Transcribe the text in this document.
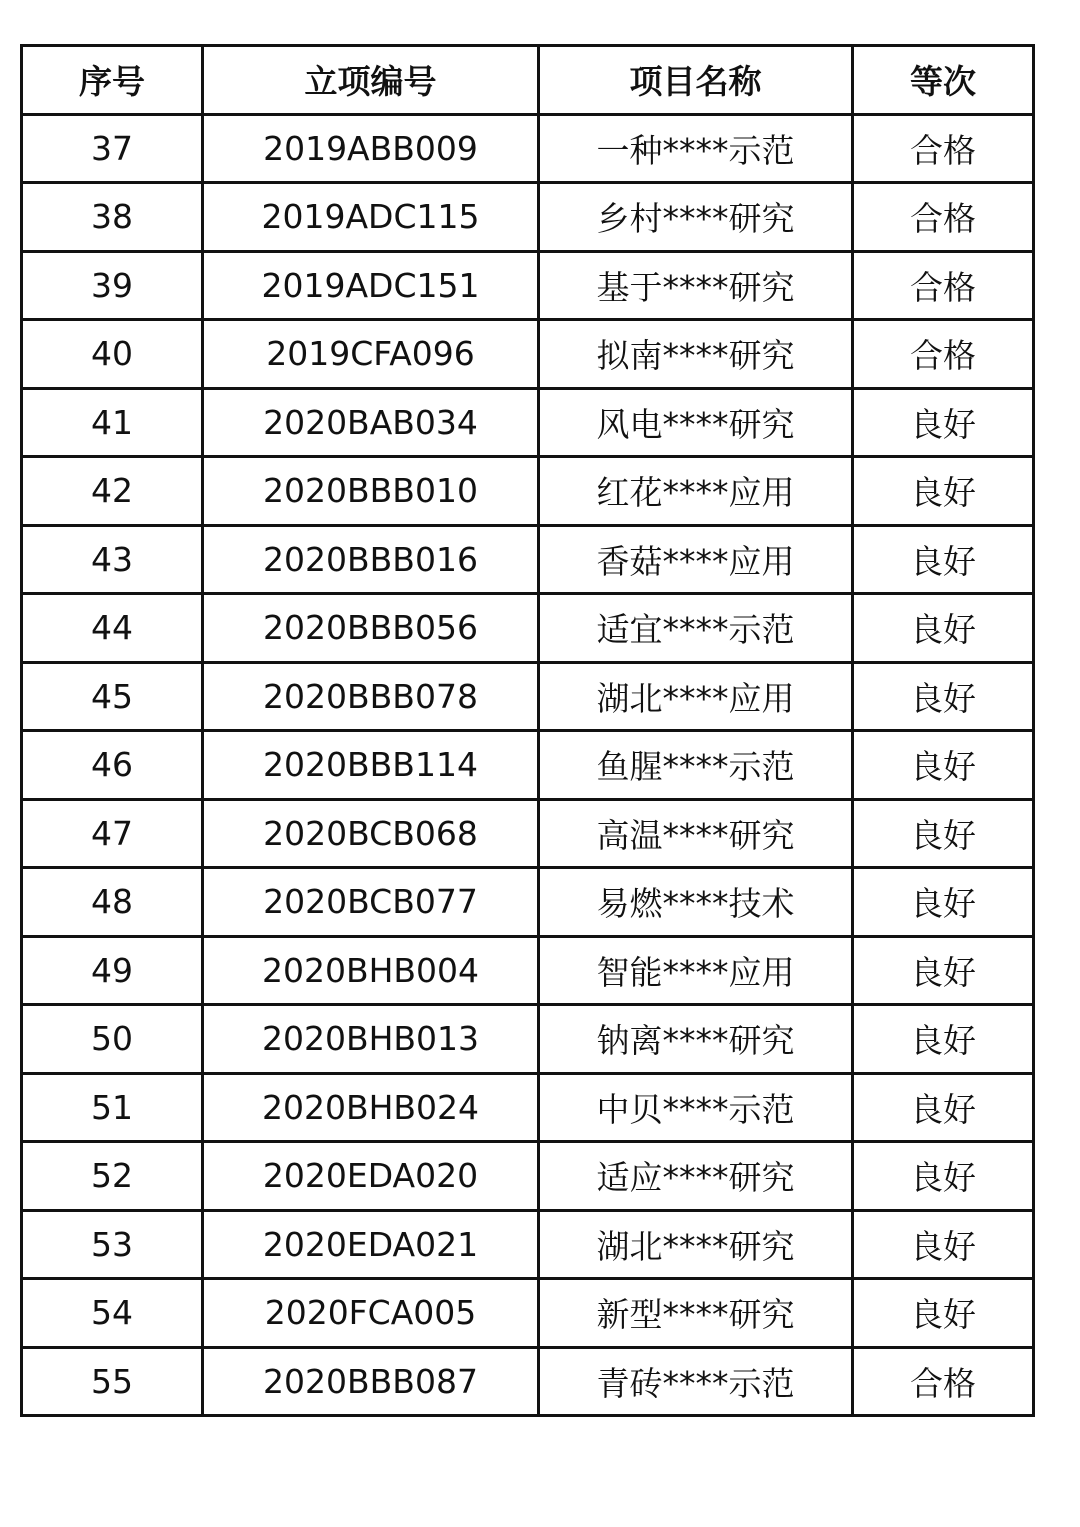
序号	立项编号	项目名称	等次
37	2019ABB009	一种****示范	合格
38	2019ADC115	乡村****研究	合格
39	2019ADC151	基于****研究	合格
40	2019CFA096	拟南****研究	合格
41	2020BAB034	风电****研究	良好
42	2020BBB010	红花****应用	良好
43	2020BBB016	香菇****应用	良好
44	2020BBB056	适宜****示范	良好
45	2020BBB078	湖北****应用	良好
46	2020BBB114	鱼腥****示范	良好
47	2020BCB068	高温****研究	良好
48	2020BCB077	易燃****技术	良好
49	2020BHB004	智能****应用	良好
50	2020BHB013	钠离****研究	良好
51	2020BHB024	中贝****示范	良好
52	2020EDA020	适应****研究	良好
53	2020EDA021	湖北****研究	良好
54	2020FCA005	新型****研究	良好
55	2020BBB087	青砖****示范	合格
